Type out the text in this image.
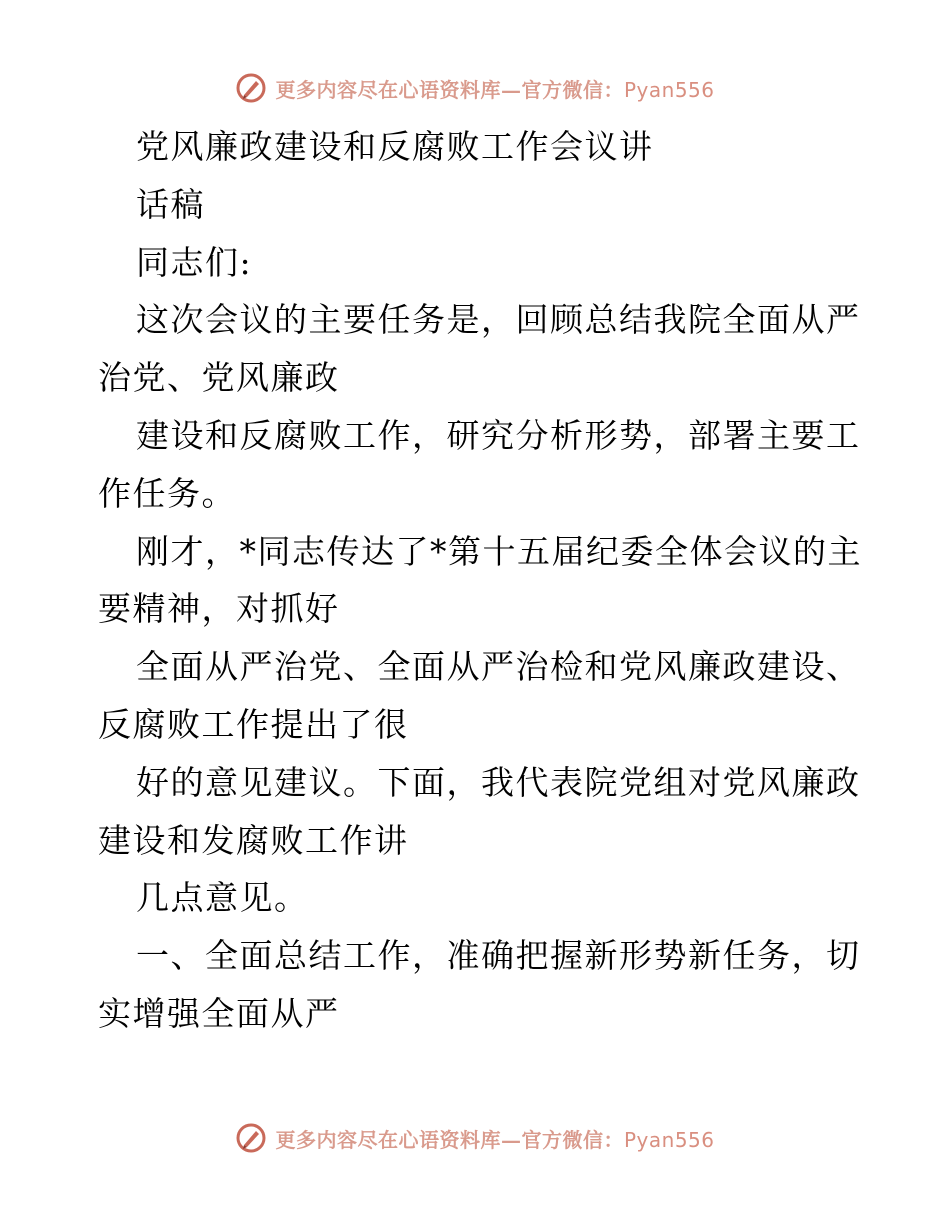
更多内容尽在心语资料库—官方微信：Pyan556
党风廉政建设和反腐败工作会议讲
话稿
同志们:
这次会议的主要任务是，回顾总结我院全面从严
治党、党风廉政
建设和反腐败工作，研究分析形势，部署主要工
作任务。
刚才，*同志传达了*第十五届纪委全体会议的主
要精神，对抓好
全面从严治党、全面从严治检和党风廉政建设、
反腐败工作提出了很
好的意见建议。下面，我代表院党组对党风廉政
建设和发腐败工作讲
几点意见。
一、全面总结工作，准确把握新形势新任务，切
实增强全面从严
更多内容尽在心语资料库—官方微信：Pyan556
